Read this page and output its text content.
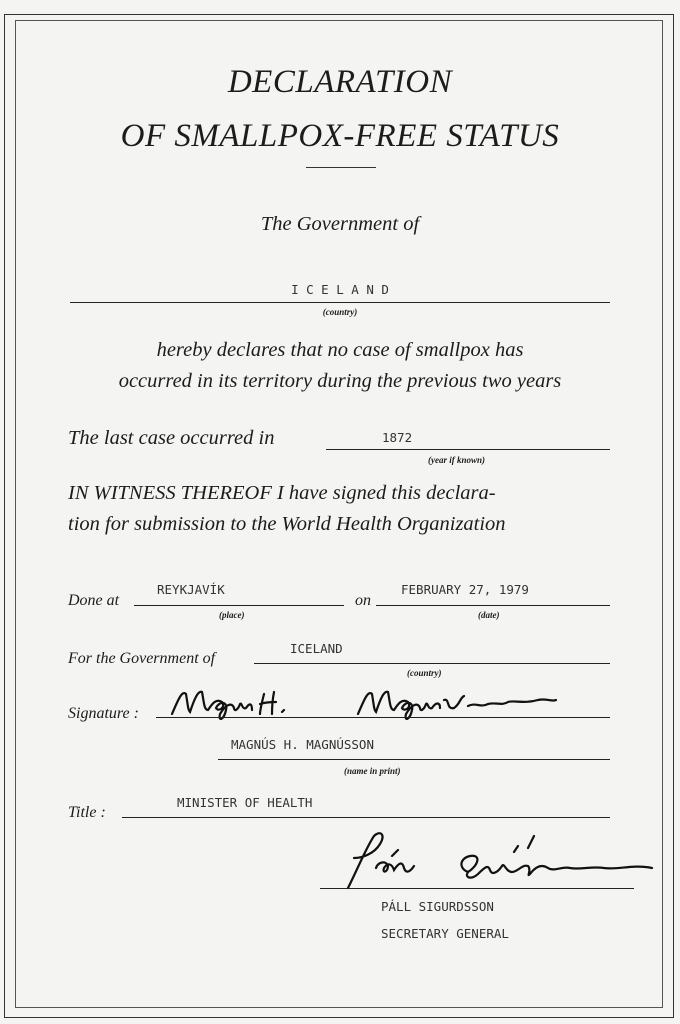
DECLARATION
OF SMALLPOX-FREE STATUS
The Government of
I C E L A N D
(country)
hereby declares that no case of smallpox has
occurred in its territory during the previous two years
The last case occurred in	1872
(year if known)
IN WITNESS THEREOF I have signed this declara-
tion for submission to the World Health Organization
Done at
REYKJAVÍK
(place)
on
FEBRUARY 27, 1979
(date)
For the Government of
ICELAND
(country)
Signature :
MAGNÚS H. MAGNÚSSON
(name in print)
Title :
MINISTER OF HEALTH
PÁLL SIGURDSSON
SECRETARY GENERAL
